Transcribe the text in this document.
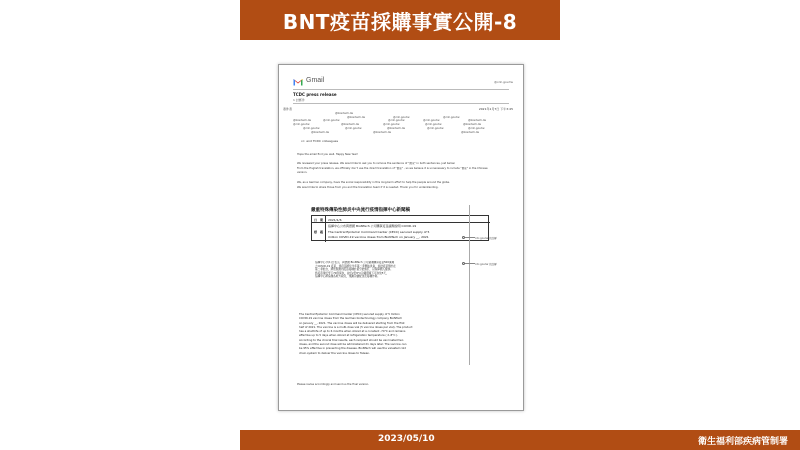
BNT疫苗採購事實公開-8
Gmail	@cdc.gov.tw
TCDC press release
1 封郵件
寄件者	2021年1月7日 下午3:45
@biontech.de
@biontech.de	@cdc.gov.tw	@cdc.gov.tw
@biontech.de
@biontech.de	@cdc.gov.tw	@cdc.gov.tw	@cdc.gov.tw
@cdc.gov.tw	@biontech.de	@cdc.gov.tw	@cdc.gov.tw	@biontech.de
@cdc.gov.tw	@cdc.gov.tw	@biontech.de	@cdc.gov.tw	@cdc.gov.tw
@biontech.de	@biontech.de	@biontech.de
cc: and TCDC colleagues
Hope the email find you well. Happy New Year!
We reviewed your press release. We would like to ask you to remove the sentence of "國家" in both sentences, just below:
From the English translation, we officially don't use the direct translation of "國家" , so we believe it is unnecessary to include "國家" in the Chinese
version.
We, as a German company, have the social responsibility in this long-term effort to help the people around the globe.
We would like to share those from you and the translation team if it is needed. Thank you for understanding.
嚴重特殊傳染性肺炎中央流行疫情指揮中心新聞稿
日　期 2021/1/6
標　題
指揮中心公布與德國 BioNTech 公司購買疫苗議題說明 COVID-19
The Central Epidemic Command Center (CECC) secured supply of 5
million COVID-19 vaccine doses from BioNTech on January __, 2021
指揮中心今(1)日表示，與德國 BioNTech 公司簽署購買疫苗500萬劑
之COVID-19 疫苗，該疫苗將於今年第二季開始供貨，首批疫苗預計在
第二季抵台，將依照國內疫苗接種計畫分批施打，以保障國人健康。
該疫苗須於零下70度保存，並於2至8°C冷藏環境下可存放5天，
指揮中心將協調各地方政府，規劃冷鏈配送及接種作業。
The Central Epidemic Command Center (CECC) secured supply of 5 million
COVID-19 vaccine doses from the German biotechnology company BioNTech
on January __, 2021. The vaccine doses will be delivered starting from the first
half of 2021. The vaccine is a multi-dose vial (5 vaccine doses per vial). The product
has a shelf-life of up to 6 months when stored at a constant -70°C and remains
effective up to 5 days when stored at refrigeration temperature ( 2–8°C ).
According to the clinical trial results, each recipient should be vaccinated two
doses, and the second dose will be administered 21 days later. The vaccine can
be 95% effective in preventing the disease. BioNTech will use the valuated cold
chain system to deliver the vaccine doses to Taiwan.
Please revise accordingly and send us the final version.
cdc.gov.tw 的註解
cdc.gov.tw 的註解
2023/05/10	衛生福利部疾病管制署
